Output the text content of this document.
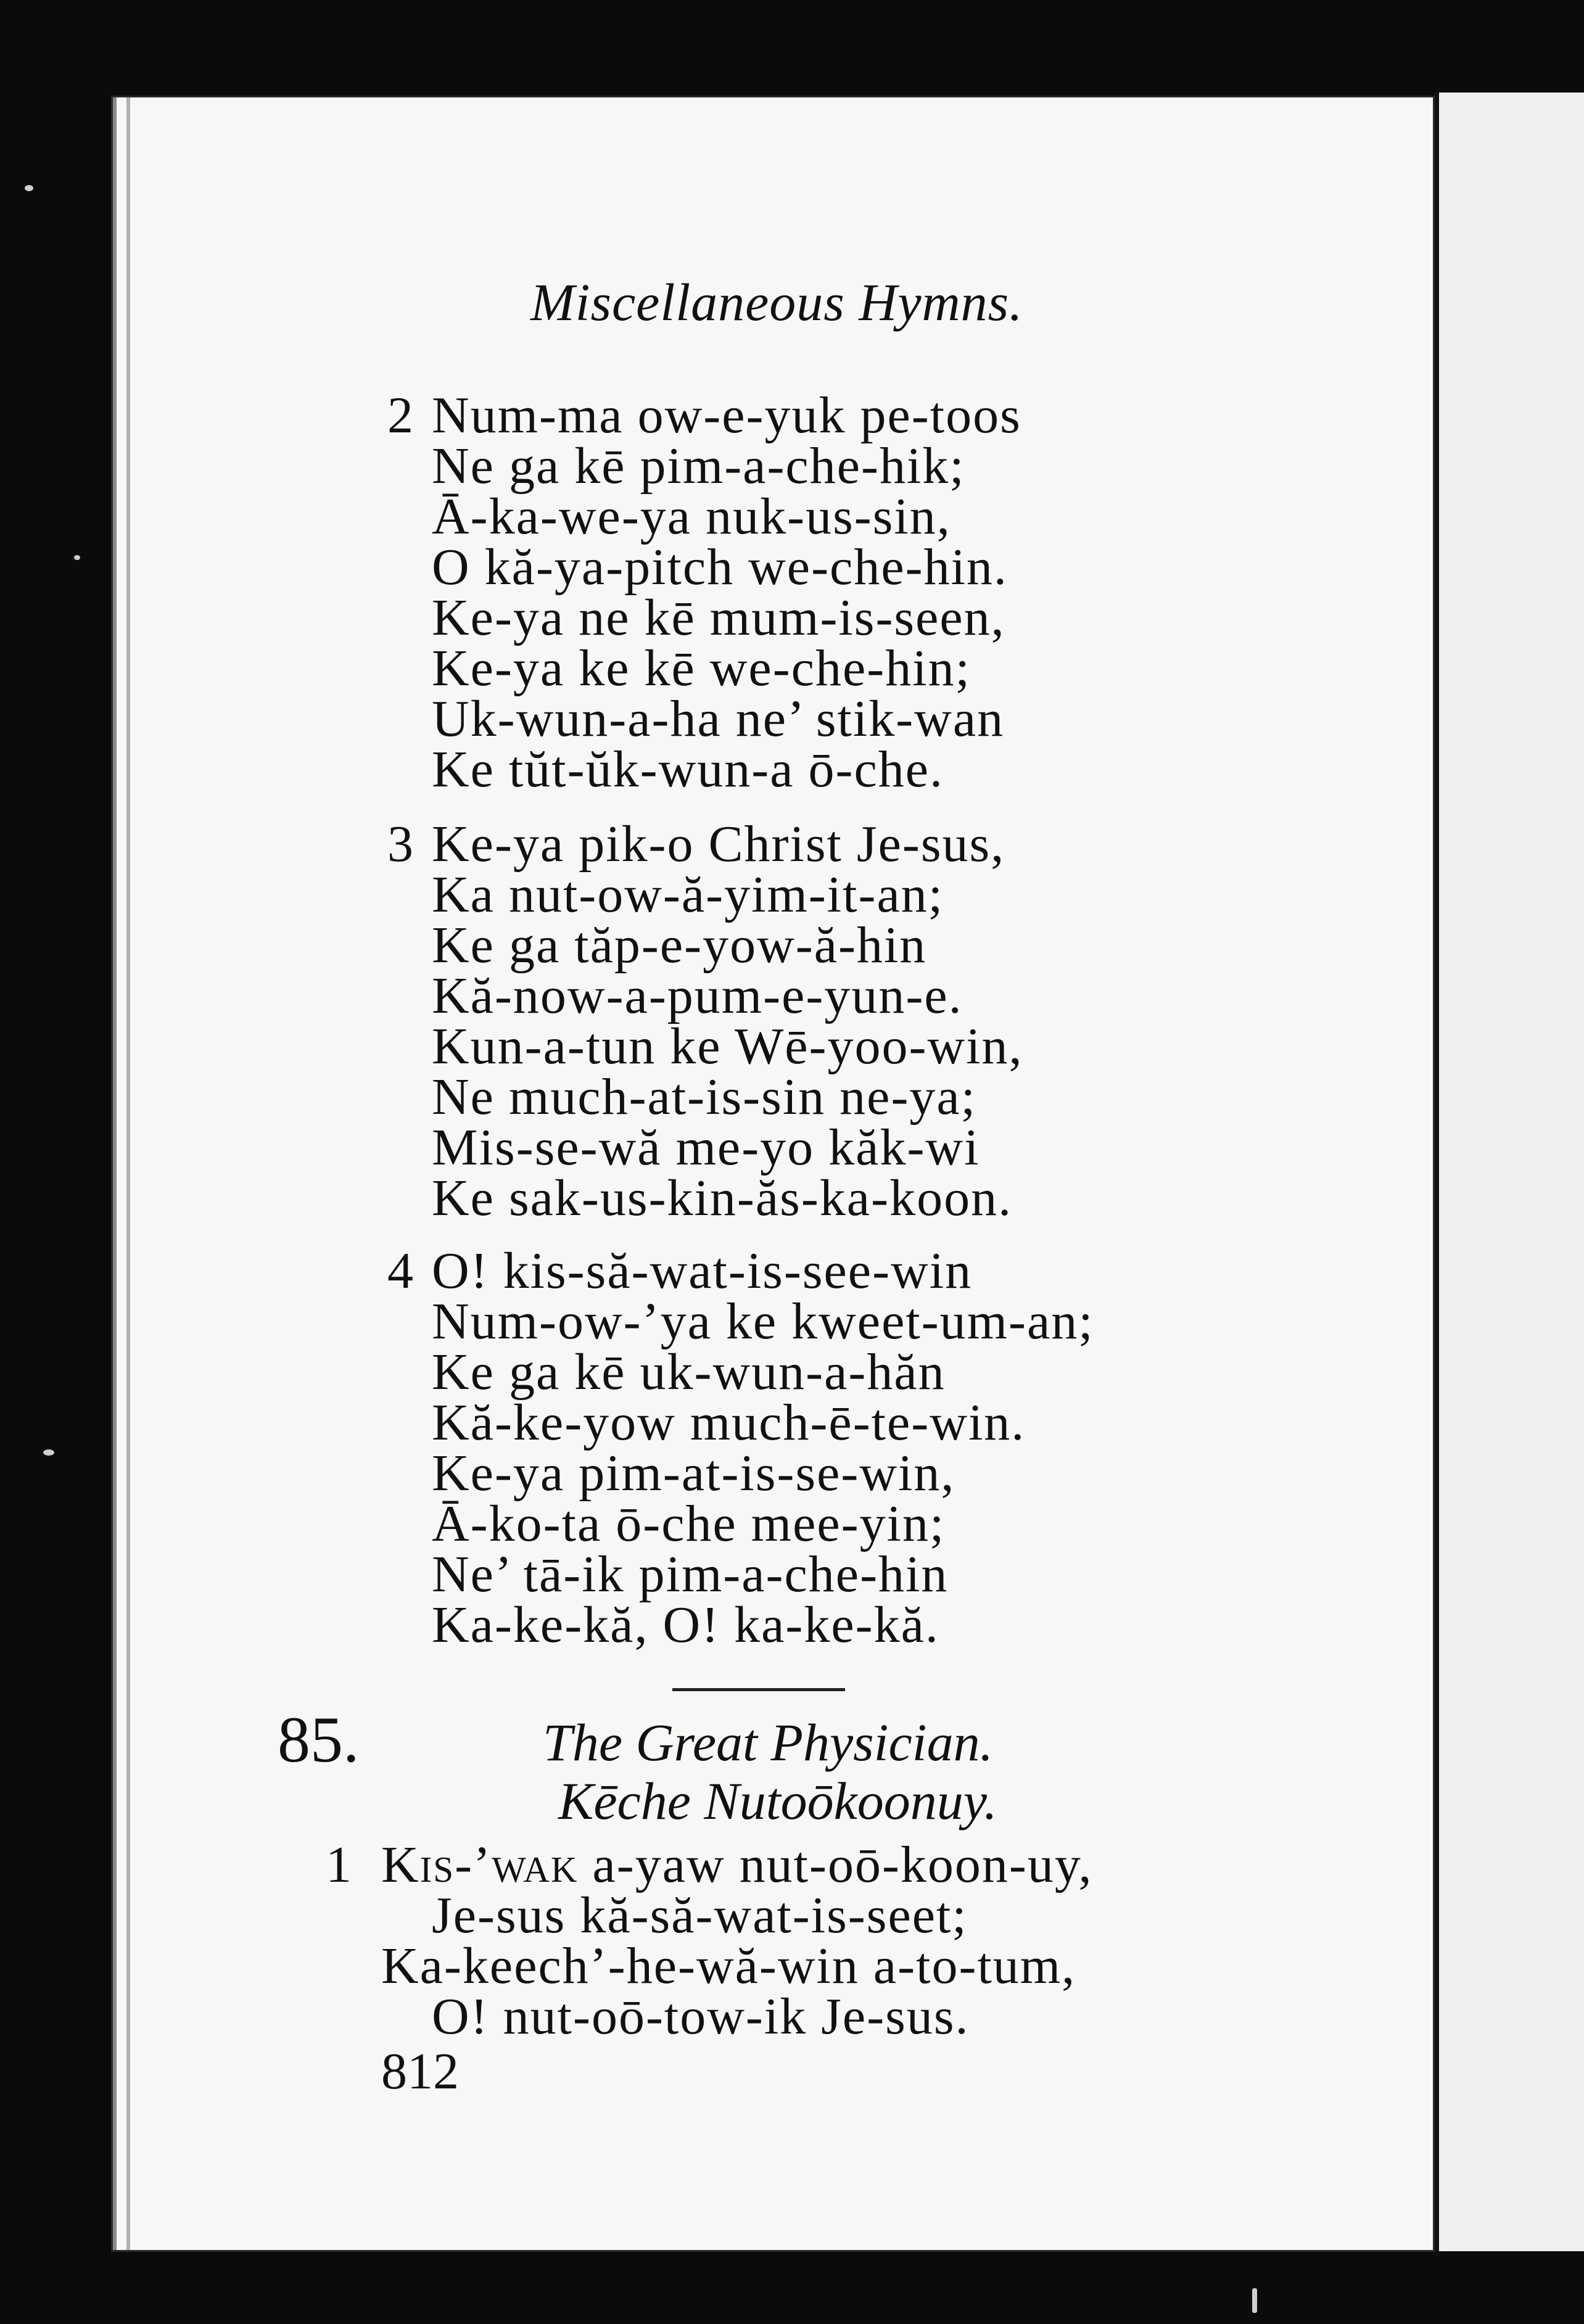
Miscellaneous Hymns.
2 Num-ma ow-e-yuk pe-toos
Ne ga kē pim-a-che-hik;
Ā-ka-we-ya nuk-us-sin,
O kă-ya-pitch we-che-hin.
Ke-ya ne kē mum-is-seen,
Ke-ya ke kē we-che-hin;
Uk-wun-a-ha ne’ stik-wan
Ke tŭt-ŭk-wun-a ō-che.
3 Ke-ya pik-o Christ Je-sus,
Ka nut-ow-ă-yim-it-an;
Ke ga tăp-e-yow-ă-hin
Kă-now-a-pum-e-yun-e.
Kun-a-tun ke Wē-yoo-win,
Ne much-at-is-sin ne-ya;
Mis-se-wă me-yo kăk-wi
Ke sak-us-kin-ăs-ka-koon.
4 O! kis-să-wat-is-see-win
Num-ow-’ya ke kweet-um-an;
Ke ga kē uk-wun-a-hăn
Kă-ke-yow much-ē-te-win.
Ke-ya pim-at-is-se-win,
Ā-ko-ta ō-che mee-yin;
Ne’ tā-ik pim-a-che-hin
Ka-ke-kă, O! ka-ke-kă.
85.	The Great Physician.
Kēche Nutoōkoonuy.
1 Kis-’wak a-yaw nut-oō-koon-uy,
Je-sus kă-să-wat-is-seet;
Ka-keech’-he-wă-win a-to-tum,
O! nut-oō-tow-ik Je-sus.
812
